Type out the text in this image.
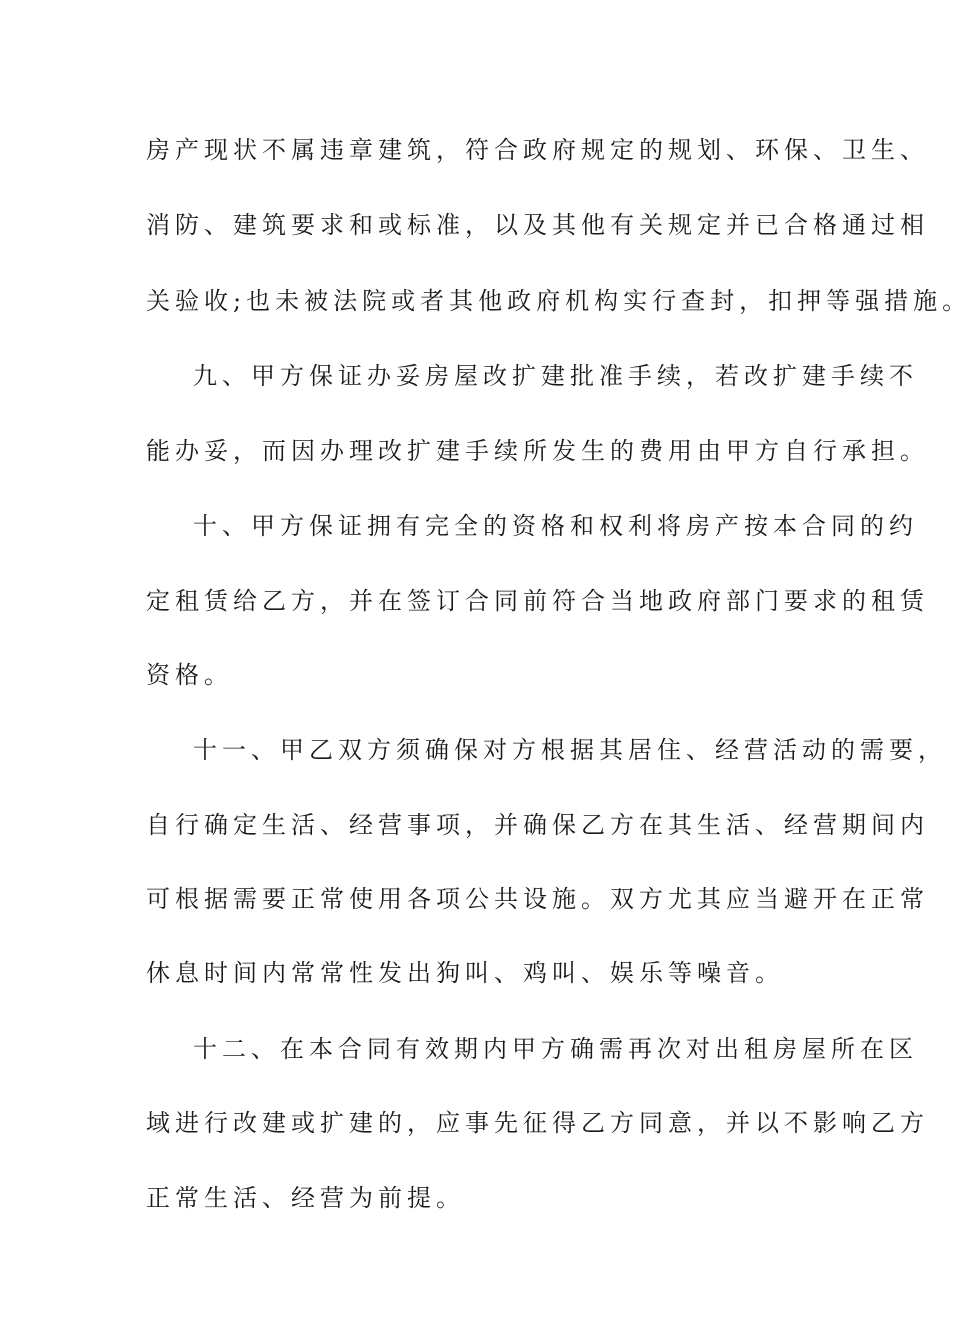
房产现状不属违章建筑，符合政府规定的规划、环保、卫生、
消防、建筑要求和或标准，以及其他有关规定并已合格通过相
关验收;也未被法院或者其他政府机构实行查封，扣押等强措施。
九、甲方保证办妥房屋改扩建批准手续，若改扩建手续不
能办妥，而因办理改扩建手续所发生的费用由甲方自行承担。
十、甲方保证拥有完全的资格和权利将房产按本合同的约
定租赁给乙方，并在签订合同前符合当地政府部门要求的租赁
资格。
十一、甲乙双方须确保对方根据其居住、经营活动的需要，
自行确定生活、经营事项，并确保乙方在其生活、经营期间内
可根据需要正常使用各项公共设施。双方尤其应当避开在正常
休息时间内常常性发出狗叫、鸡叫、娱乐等噪音。
十二、在本合同有效期内甲方确需再次对出租房屋所在区
域进行改建或扩建的，应事先征得乙方同意，并以不影响乙方
正常生活、经营为前提。
